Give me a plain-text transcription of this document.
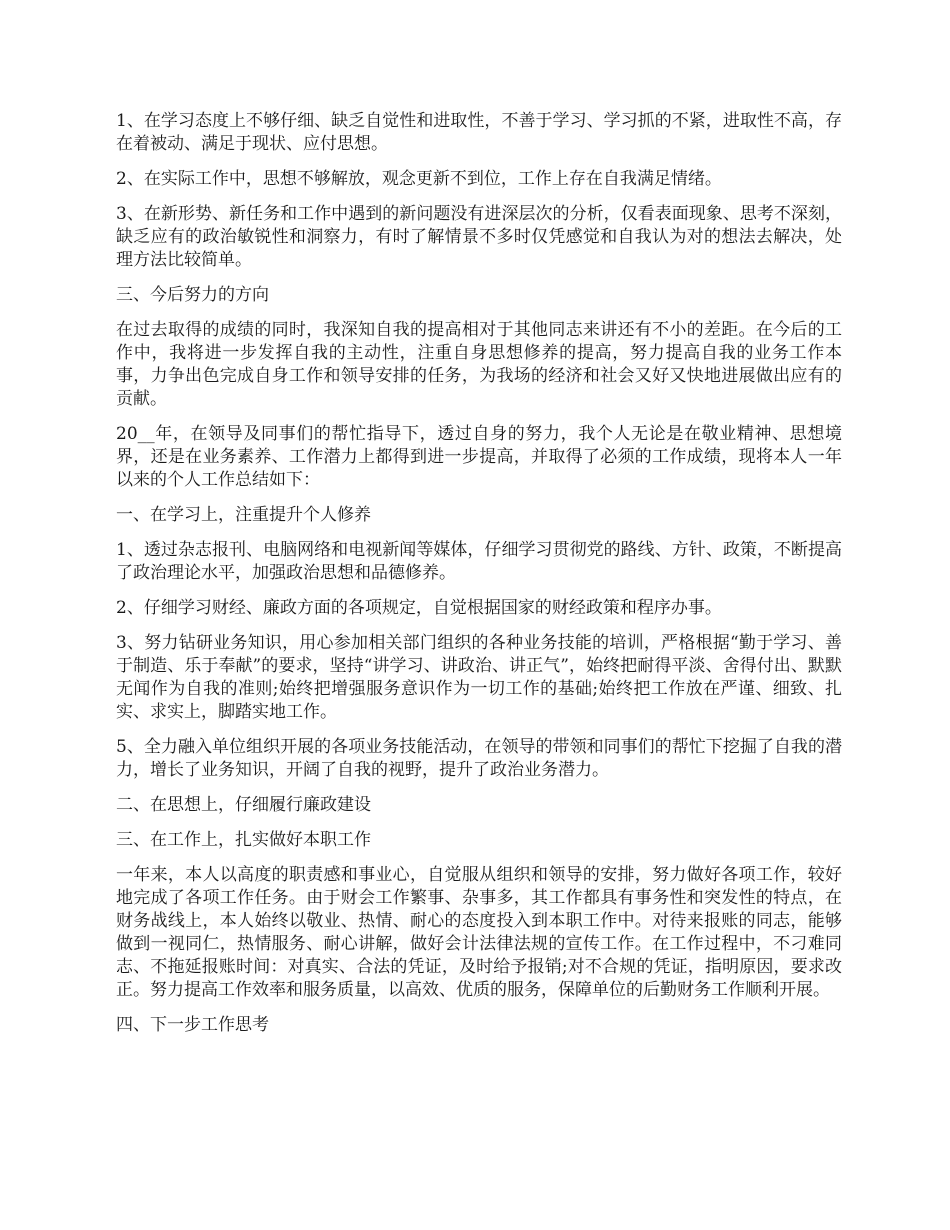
1、在学习态度上不够仔细、缺乏自觉性和进取性，不善于学习、学习抓的不紧，进取性不高，存在着被动、满足于现状、应付思想。

2、在实际工作中，思想不够解放，观念更新不到位，工作上存在自我满足情绪。

3、在新形势、新任务和工作中遇到的新问题没有进深层次的分析，仅看表面现象、思考不深刻，缺乏应有的政治敏锐性和洞察力，有时了解情景不多时仅凭感觉和自我认为对的想法去解决，处理方法比较简单。

三、今后努力的方向

在过去取得的成绩的同时，我深知自我的提高相对于其他同志来讲还有不小的差距。在今后的工作中，我将进一步发挥自我的主动性，注重自身思想修养的提高，努力提高自我的业务工作本事，力争出色完成自身工作和领导安排的任务，为我场的经济和社会又好又快地进展做出应有的贡献。

20__年，在领导及同事们的帮忙指导下，透过自身的努力，我个人无论是在敬业精神、思想境界，还是在业务素养、工作潜力上都得到进一步提高，并取得了必须的工作成绩，现将本人一年以来的个人工作总结如下：

一、在学习上，注重提升个人修养

1、透过杂志报刊、电脑网络和电视新闻等媒体，仔细学习贯彻党的路线、方针、政策，不断提高了政治理论水平，加强政治思想和品德修养。

2、仔细学习财经、廉政方面的各项规定，自觉根据国家的财经政策和程序办事。

3、努力钻研业务知识，用心参加相关部门组织的各种业务技能的培训，严格根据“勤于学习、善于制造、乐于奉献”的要求，坚持“讲学习、讲政治、讲正气”，始终把耐得平淡、舍得付出、默默无闻作为自我的准则;始终把增强服务意识作为一切工作的基础;始终把工作放在严谨、细致、扎实、求实上，脚踏实地工作。

5、全力融入单位组织开展的各项业务技能活动，在领导的带领和同事们的帮忙下挖掘了自我的潜力，增长了业务知识，开阔了自我的视野，提升了政治业务潜力。

二、在思想上，仔细履行廉政建设

三、在工作上，扎实做好本职工作

一年来，本人以高度的职责感和事业心，自觉服从组织和领导的安排，努力做好各项工作，较好地完成了各项工作任务。由于财会工作繁事、杂事多，其工作都具有事务性和突发性的特点，在财务战线上，本人始终以敬业、热情、耐心的态度投入到本职工作中。对待来报账的同志，能够做到一视同仁，热情服务、耐心讲解，做好会计法律法规的宣传工作。在工作过程中，不刁难同志、不拖延报账时间：对真实、合法的凭证，及时给予报销;对不合规的凭证，指明原因，要求改正。努力提高工作效率和服务质量，以高效、优质的服务，保障单位的后勤财务工作顺利开展。

四、下一步工作思考
